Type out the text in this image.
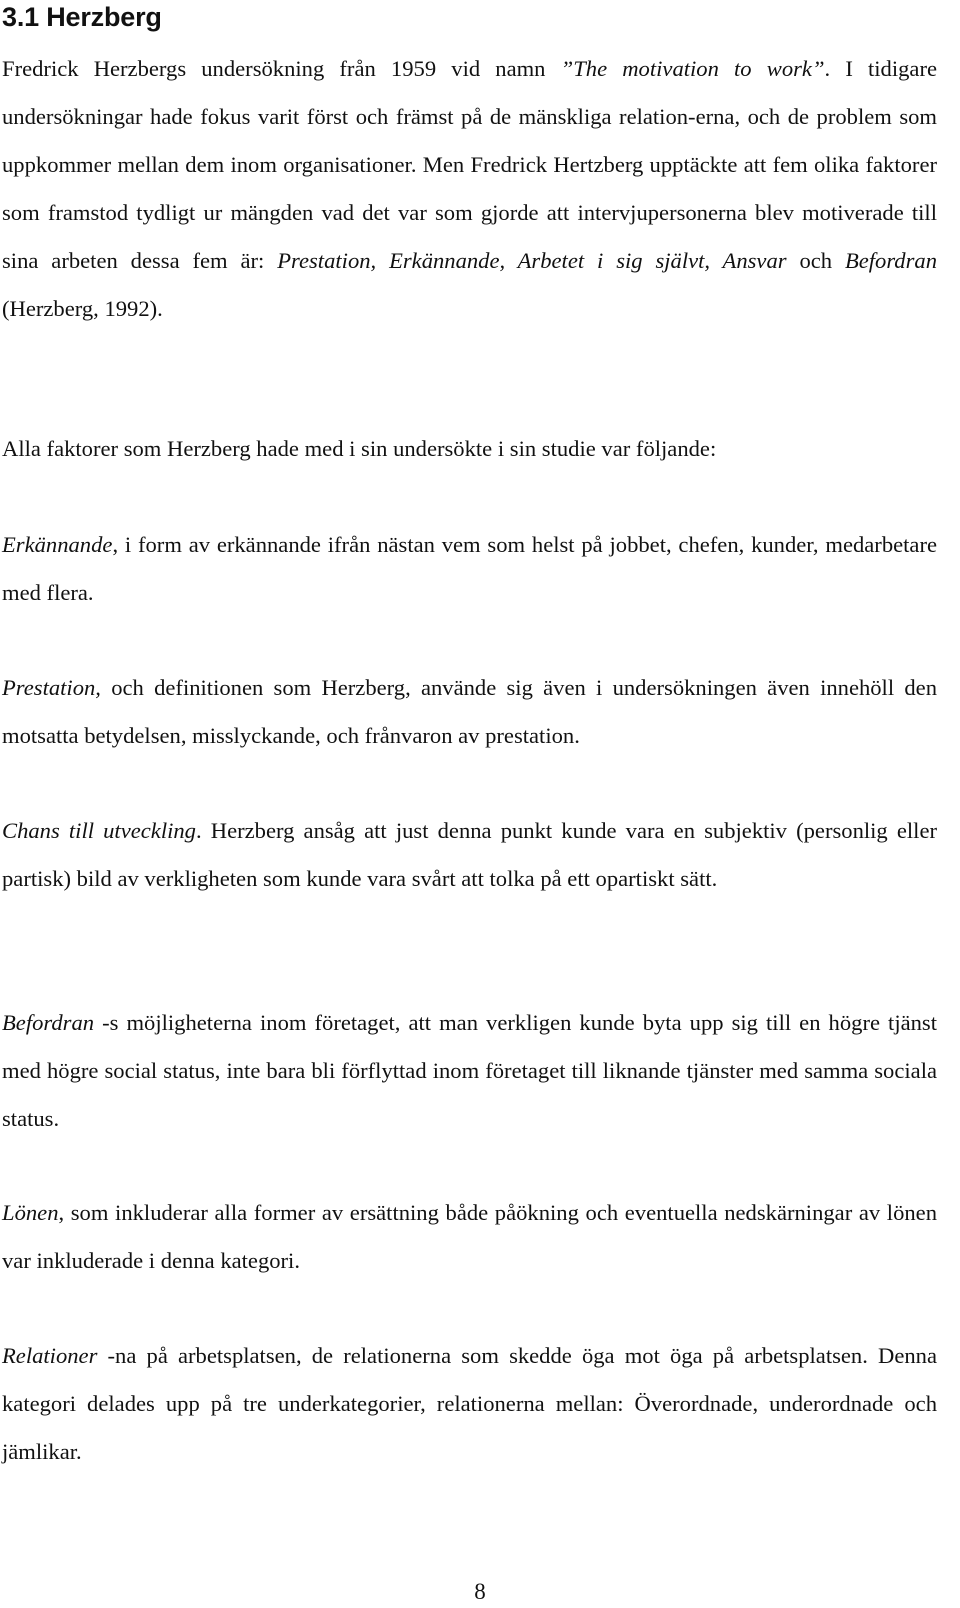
3.1 Herzberg

Fredrick Herzbergs undersökning från 1959 vid namn ”The motivation to work”. I tidigare undersökningar hade fokus varit först och främst på de mänskliga relation-erna, och de problem som uppkommer mellan dem inom organisationer. Men Fredrick Hertzberg upptäckte att fem olika faktorer som framstod tydligt ur mängden vad det var som gjorde att intervjupersonerna blev motiverade till sina arbeten dessa fem är: Prestation, Erkännande, Arbetet i sig självt, Ansvar och Befordran (Herzberg, 1992).

Alla faktorer som Herzberg hade med i sin undersökte i sin studie var följande:

Erkännande, i form av erkännande ifrån nästan vem som helst på jobbet, chefen, kunder, medarbetare med flera.

Prestation, och definitionen som Herzberg, använde sig även i undersökningen även innehöll den motsatta betydelsen, misslyckande, och frånvaron av prestation.

Chans till utveckling. Herzberg ansåg att just denna punkt kunde vara en subjektiv (personlig eller partisk) bild av verkligheten som kunde vara svårt att tolka på ett opartiskt sätt.

Befordran -s möjligheterna inom företaget, att man verkligen kunde byta upp sig till en högre tjänst med högre social status, inte bara bli förflyttad inom företaget till liknande tjänster med samma sociala status.

Lönen, som inkluderar alla former av ersättning både påökning och eventuella nedskärningar av lönen var inkluderade i denna kategori.

Relationer -na på arbetsplatsen, de relationerna som skedde öga mot öga på arbetsplatsen. Denna kategori delades upp på tre underkategorier, relationerna mellan: Överordnade, underordnade och jämlikar.

8
